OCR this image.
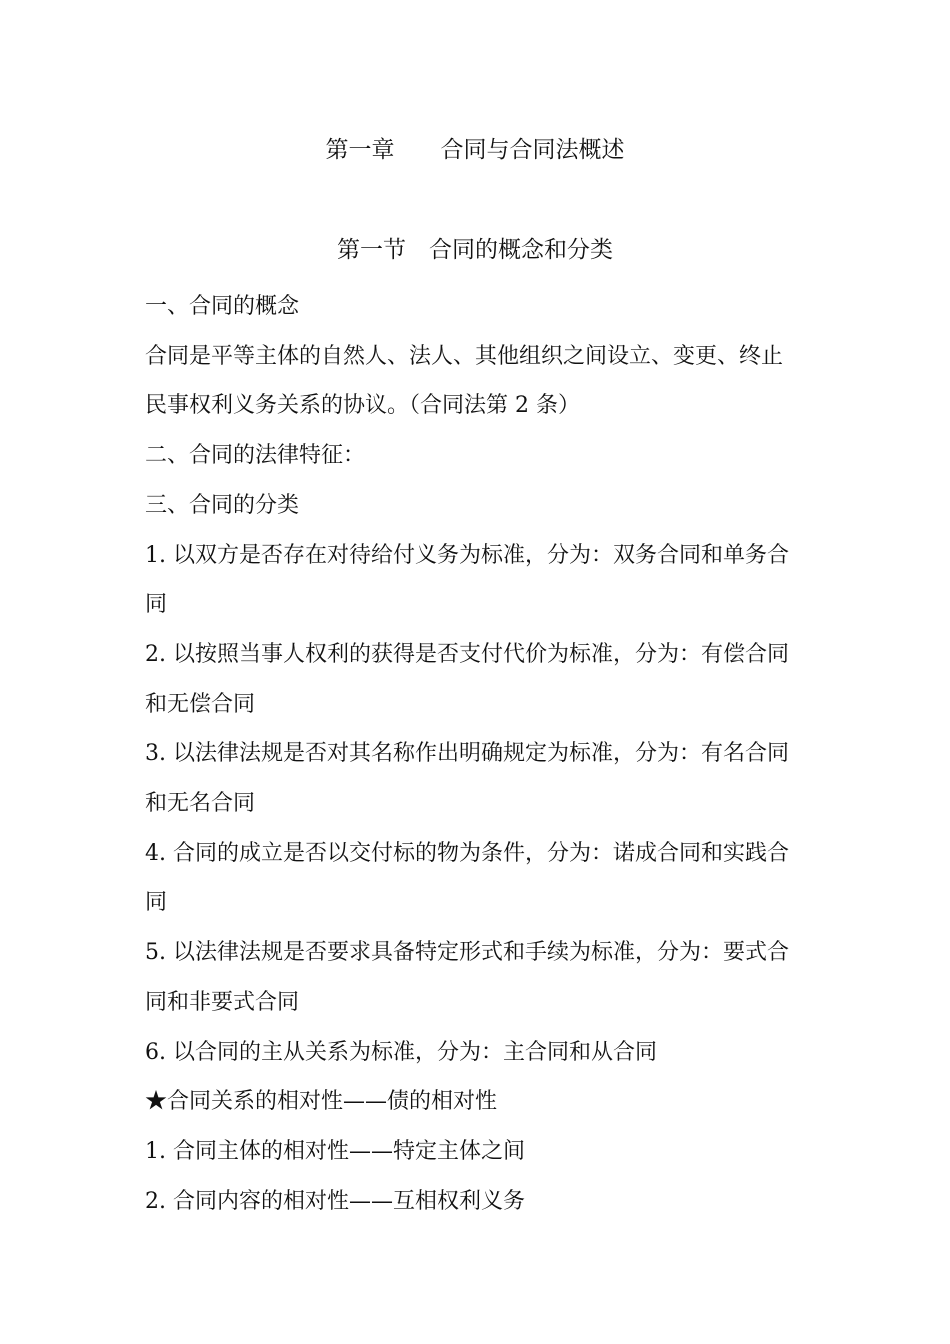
第一章　　合同与合同法概述
第一节　合同的概念和分类

一、合同的概念

合同是平等主体的自然人、法人、其他组织之间设立、变更、终止

民事权利义务关系的协议。（合同法第 2 条）

二、合同的法律特征：

三、合同的分类

1. 以双方是否存在对待给付义务为标准，分为：双务合同和单务合

同

2. 以按照当事人权利的获得是否支付代价为标准，分为：有偿合同

和无偿合同

3. 以法律法规是否对其名称作出明确规定为标准，分为：有名合同

和无名合同

4. 合同的成立是否以交付标的物为条件，分为：诺成合同和实践合

同

5. 以法律法规是否要求具备特定形式和手续为标准，分为：要式合

同和非要式合同

6. 以合同的主从关系为标准，分为：主合同和从合同

★合同关系的相对性——债的相对性

1. 合同主体的相对性——特定主体之间

2. 合同内容的相对性——互相权利义务
